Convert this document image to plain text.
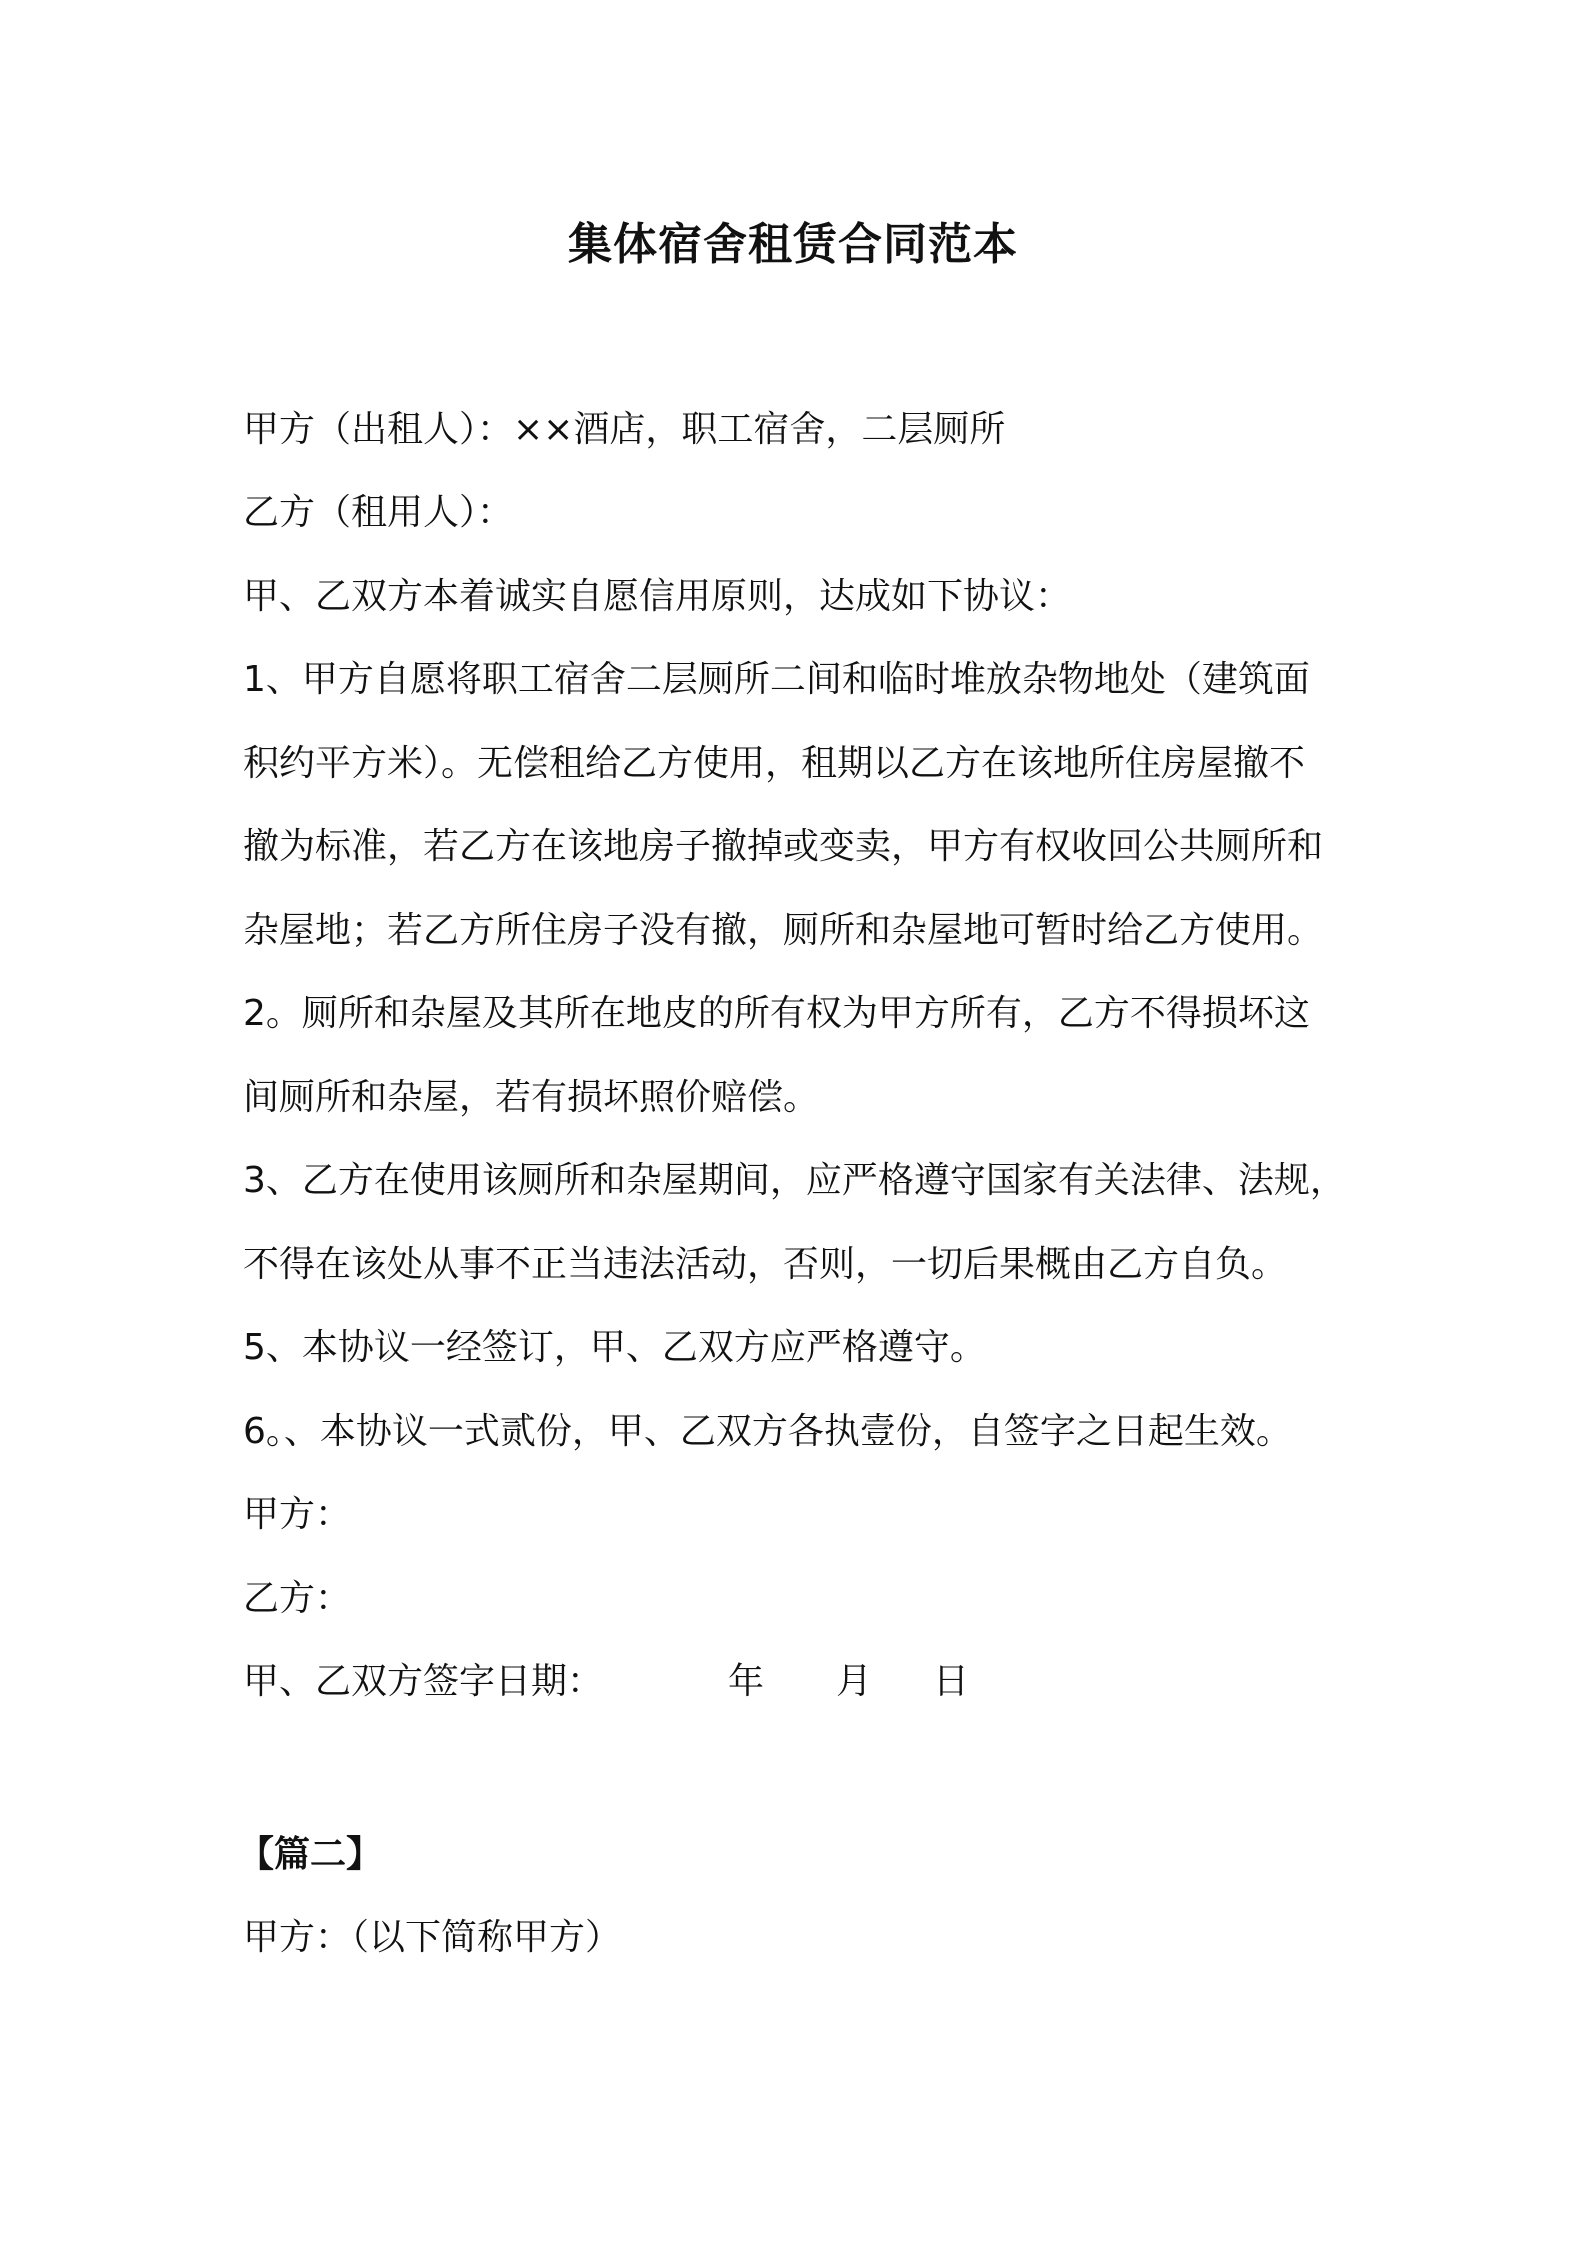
集体宿舍租赁合同范本
甲方（出租人）：××酒店，职工宿舍，二层厕所
乙方（租用人）：
甲、乙双方本着诚实自愿信用原则，达成如下协议：
1、甲方自愿将职工宿舍二层厕所二间和临时堆放杂物地处（建筑面
积约平方米）。无偿租给乙方使用，租期以乙方在该地所住房屋撤不
撤为标准，若乙方在该地房子撤掉或变卖，甲方有权收回公共厕所和
杂屋地；若乙方所住房子没有撤，厕所和杂屋地可暂时给乙方使用。
2。厕所和杂屋及其所在地皮的所有权为甲方所有，乙方不得损坏这
间厕所和杂屋，若有损坏照价赔偿。
3、乙方在使用该厕所和杂屋期间，应严格遵守国家有关法律、法规，
不得在该处从事不正当违法活动，否则，一切后果概由乙方自负。
5、本协议一经签订，甲、乙双方应严格遵守。
6。、本协议一式贰份，甲、乙双方各执壹份，自签字之日起生效。
甲方：
乙方：
甲、乙双方签字日期：	年 月 日
【篇二】
甲方：（以下简称甲方）
